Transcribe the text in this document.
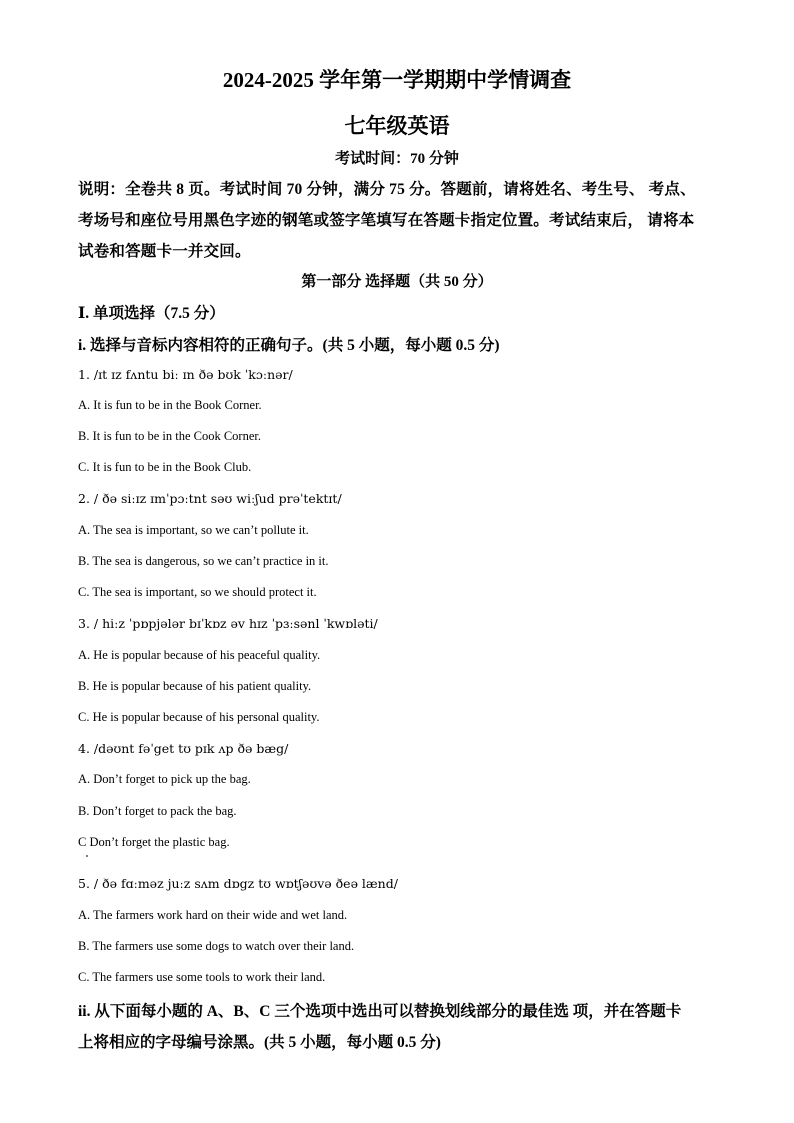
2024-2025 学年第一学期期中学情调查
七年级英语
考试时间：70 分钟
说明：全卷共 8 页。考试时间 70 分钟，满分 75 分。答题前，请将姓名、考生号、 考点、
考场号和座位号用黑色字迹的钢笔或签字笔填写在答题卡指定位置。考试结束后， 请将本
试卷和答题卡一并交回。
第一部分 选择题（共 50 分）
Ⅰ. 单项选择（7.5 分）
i. 选择与音标内容相符的正确句子。(共 5 小题，每小题 0.5 分)
1. /ɪt ɪz fʌntu biː ɪn ðə bʊk ˈkɔːnər/
A. It is fun to be in the Book Corner.
B. It is fun to be in the Cook Corner.
C. It is fun to be in the Book Club.
2. / ðə siːɪz ɪmˈpɔːtnt səʊ wiːʃud prəˈtektɪt/
A. The sea is important, so we can’t pollute it.
B. The sea is dangerous, so we can’t practice in it.
C. The sea is important, so we should protect it.
3. / hiːz ˈpɒpjələr bɪˈkɒz əv hɪz ˈpɜːsənl ˈkwɒləti/
A. He is popular because of his peaceful quality.
B. He is popular because of his patient quality.
C. He is popular because of his personal quality.
4. /dəʊnt fəˈget tʊ pɪk ʌp ðə bæg/
A. Don’t forget to pick up the bag.
B. Don’t forget to pack the bag.
C Don’t forget the plastic bag.
5. / ðə fɑːməz juːz sʌm dɒgz tʊ wɒtʃəʊvə ðeə lænd/
A. The farmers work hard on their wide and wet land.
B. The farmers use some dogs to watch over their land.
C. The farmers use some tools to work their land.
ii. 从下面每小题的 A、B、C 三个选项中选出可以替换划线部分的最佳选 项，并在答题卡
上将相应的字母编号涂黑。(共 5 小题，每小题 0.5 分)
